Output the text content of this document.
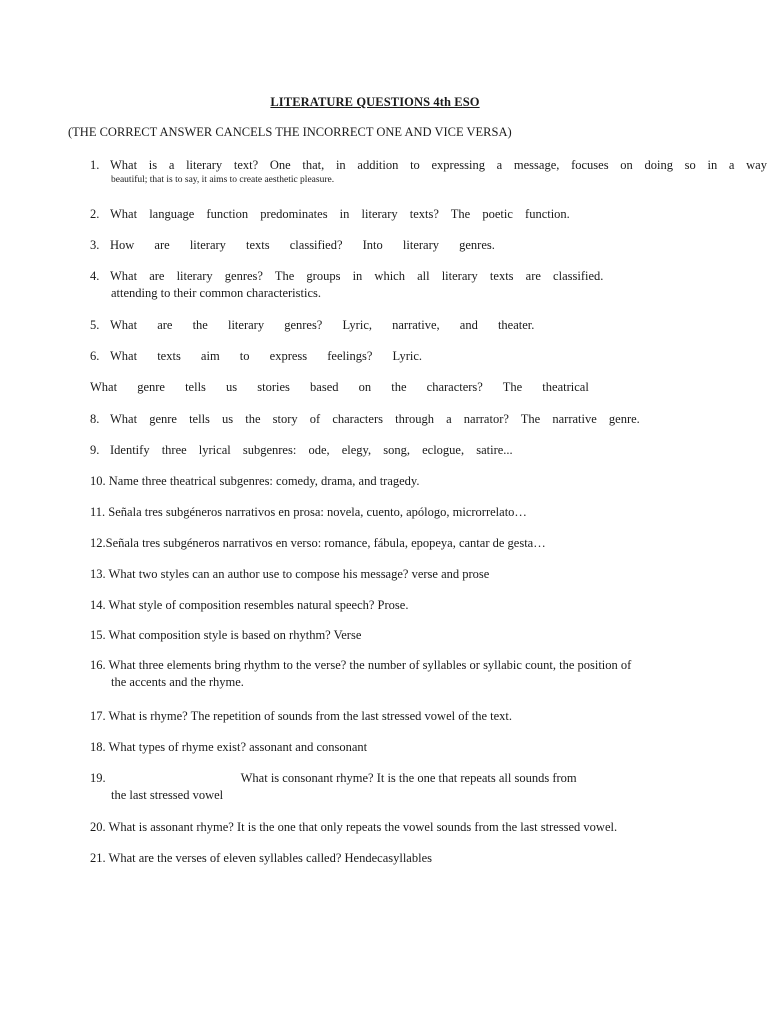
LITERATURE QUESTIONS 4th ESO
(THE CORRECT ANSWER CANCELS THE INCORRECT ONE AND VICE VERSA)
1. What is a literary text? One that, in addition to expressing a message, focuses on doing so in a way
beautiful; that is to say, it aims to create aesthetic pleasure.
2. What language function predominates in literary texts? The poetic function.
3. How are literary texts classified? Into literary genres.
4. What are literary genres? The groups in which all literary texts are classified.
attending to their common characteristics.
5. What are the literary genres? Lyric, narrative, and theater.
6. What texts aim to express feelings? Lyric.
What genre tells us stories based on the characters? The theatrical
8. What genre tells us the story of characters through a narrator? The narrative genre.
9. Identify three lyrical subgenres: ode, elegy, song, eclogue, satire...
10. Name three theatrical subgenres: comedy, drama, and tragedy.
11. Señala tres subgéneros narrativos en prosa: novela, cuento, apólogo, microrrelato…
12.Señala tres subgéneros narrativos en verso: romance, fábula, epopeya, cantar de gesta…
13. What two styles can an author use to compose his message? verse and prose
14. What style of composition resembles natural speech? Prose.
15. What composition style is based on rhythm? Verse
16. What three elements bring rhythm to the verse? the number of syllables or syllabic count, the position of
the accents and the rhyme.
17. What is rhyme? The repetition of sounds from the last stressed vowel of the text.
18. What types of rhyme exist? assonant and consonant
19.	What is consonant rhyme? It is the one that repeats all sounds from
the last stressed vowel
20. What is assonant rhyme? It is the one that only repeats the vowel sounds from the last stressed vowel.
21. What are the verses of eleven syllables called? Hendecasyllables
